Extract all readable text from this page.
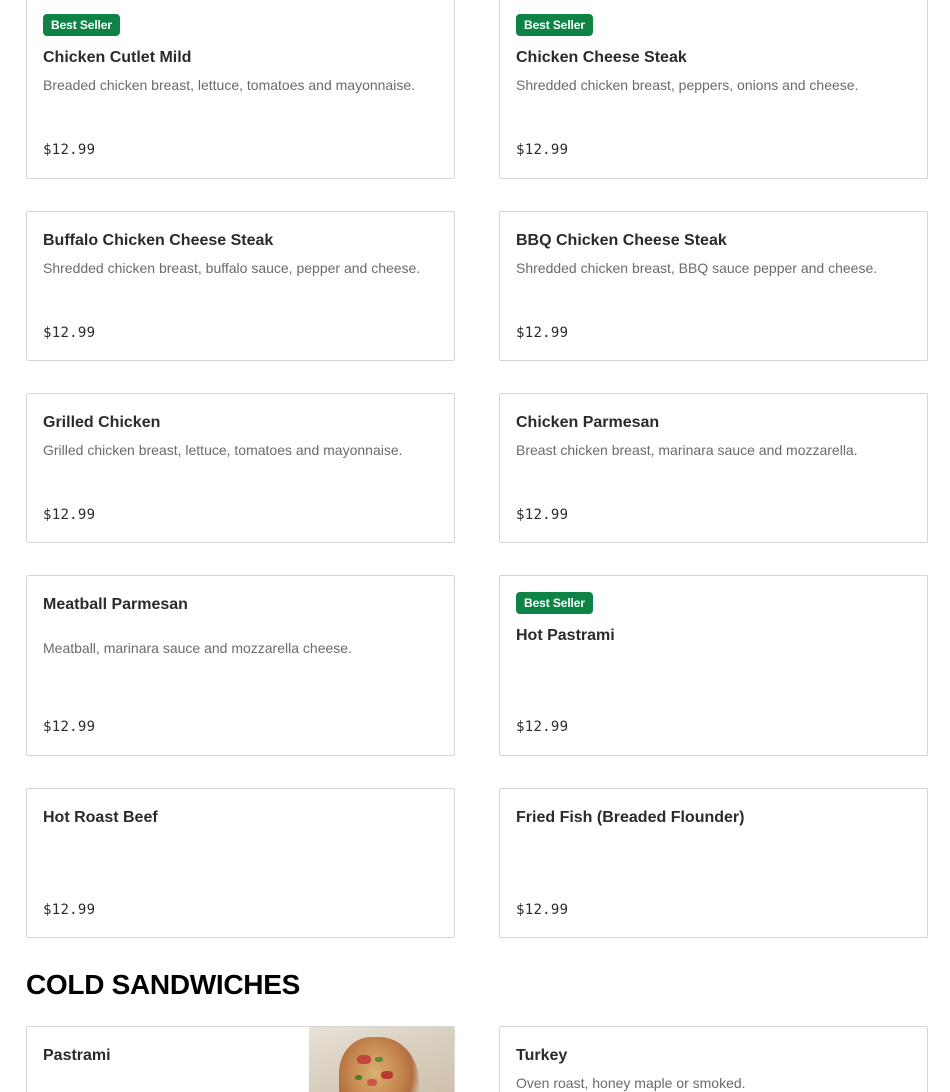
Best Seller
Chicken Cutlet Mild
Breaded chicken breast, lettuce, tomatoes and mayonnaise.
$12.99
Best Seller
Chicken Cheese Steak
Shredded chicken breast, peppers, onions and cheese.
$12.99
Buffalo Chicken Cheese Steak
Shredded chicken breast, buffalo sauce, pepper and cheese.
$12.99
BBQ Chicken Cheese Steak
Shredded chicken breast, BBQ sauce pepper and cheese.
$12.99
Grilled Chicken
Grilled chicken breast, lettuce, tomatoes and mayonnaise.
$12.99
Chicken Parmesan
Breast chicken breast, marinara sauce and mozzarella.
$12.99
Meatball Parmesan
Meatball, marinara sauce and mozzarella cheese.
$12.99
Best Seller
Hot Pastrami
$12.99
Hot Roast Beef
$12.99
Fried Fish (Breaded Flounder)
$12.99
COLD SANDWICHES
Pastrami	Turkey
Oven roast, honey maple or smoked.
